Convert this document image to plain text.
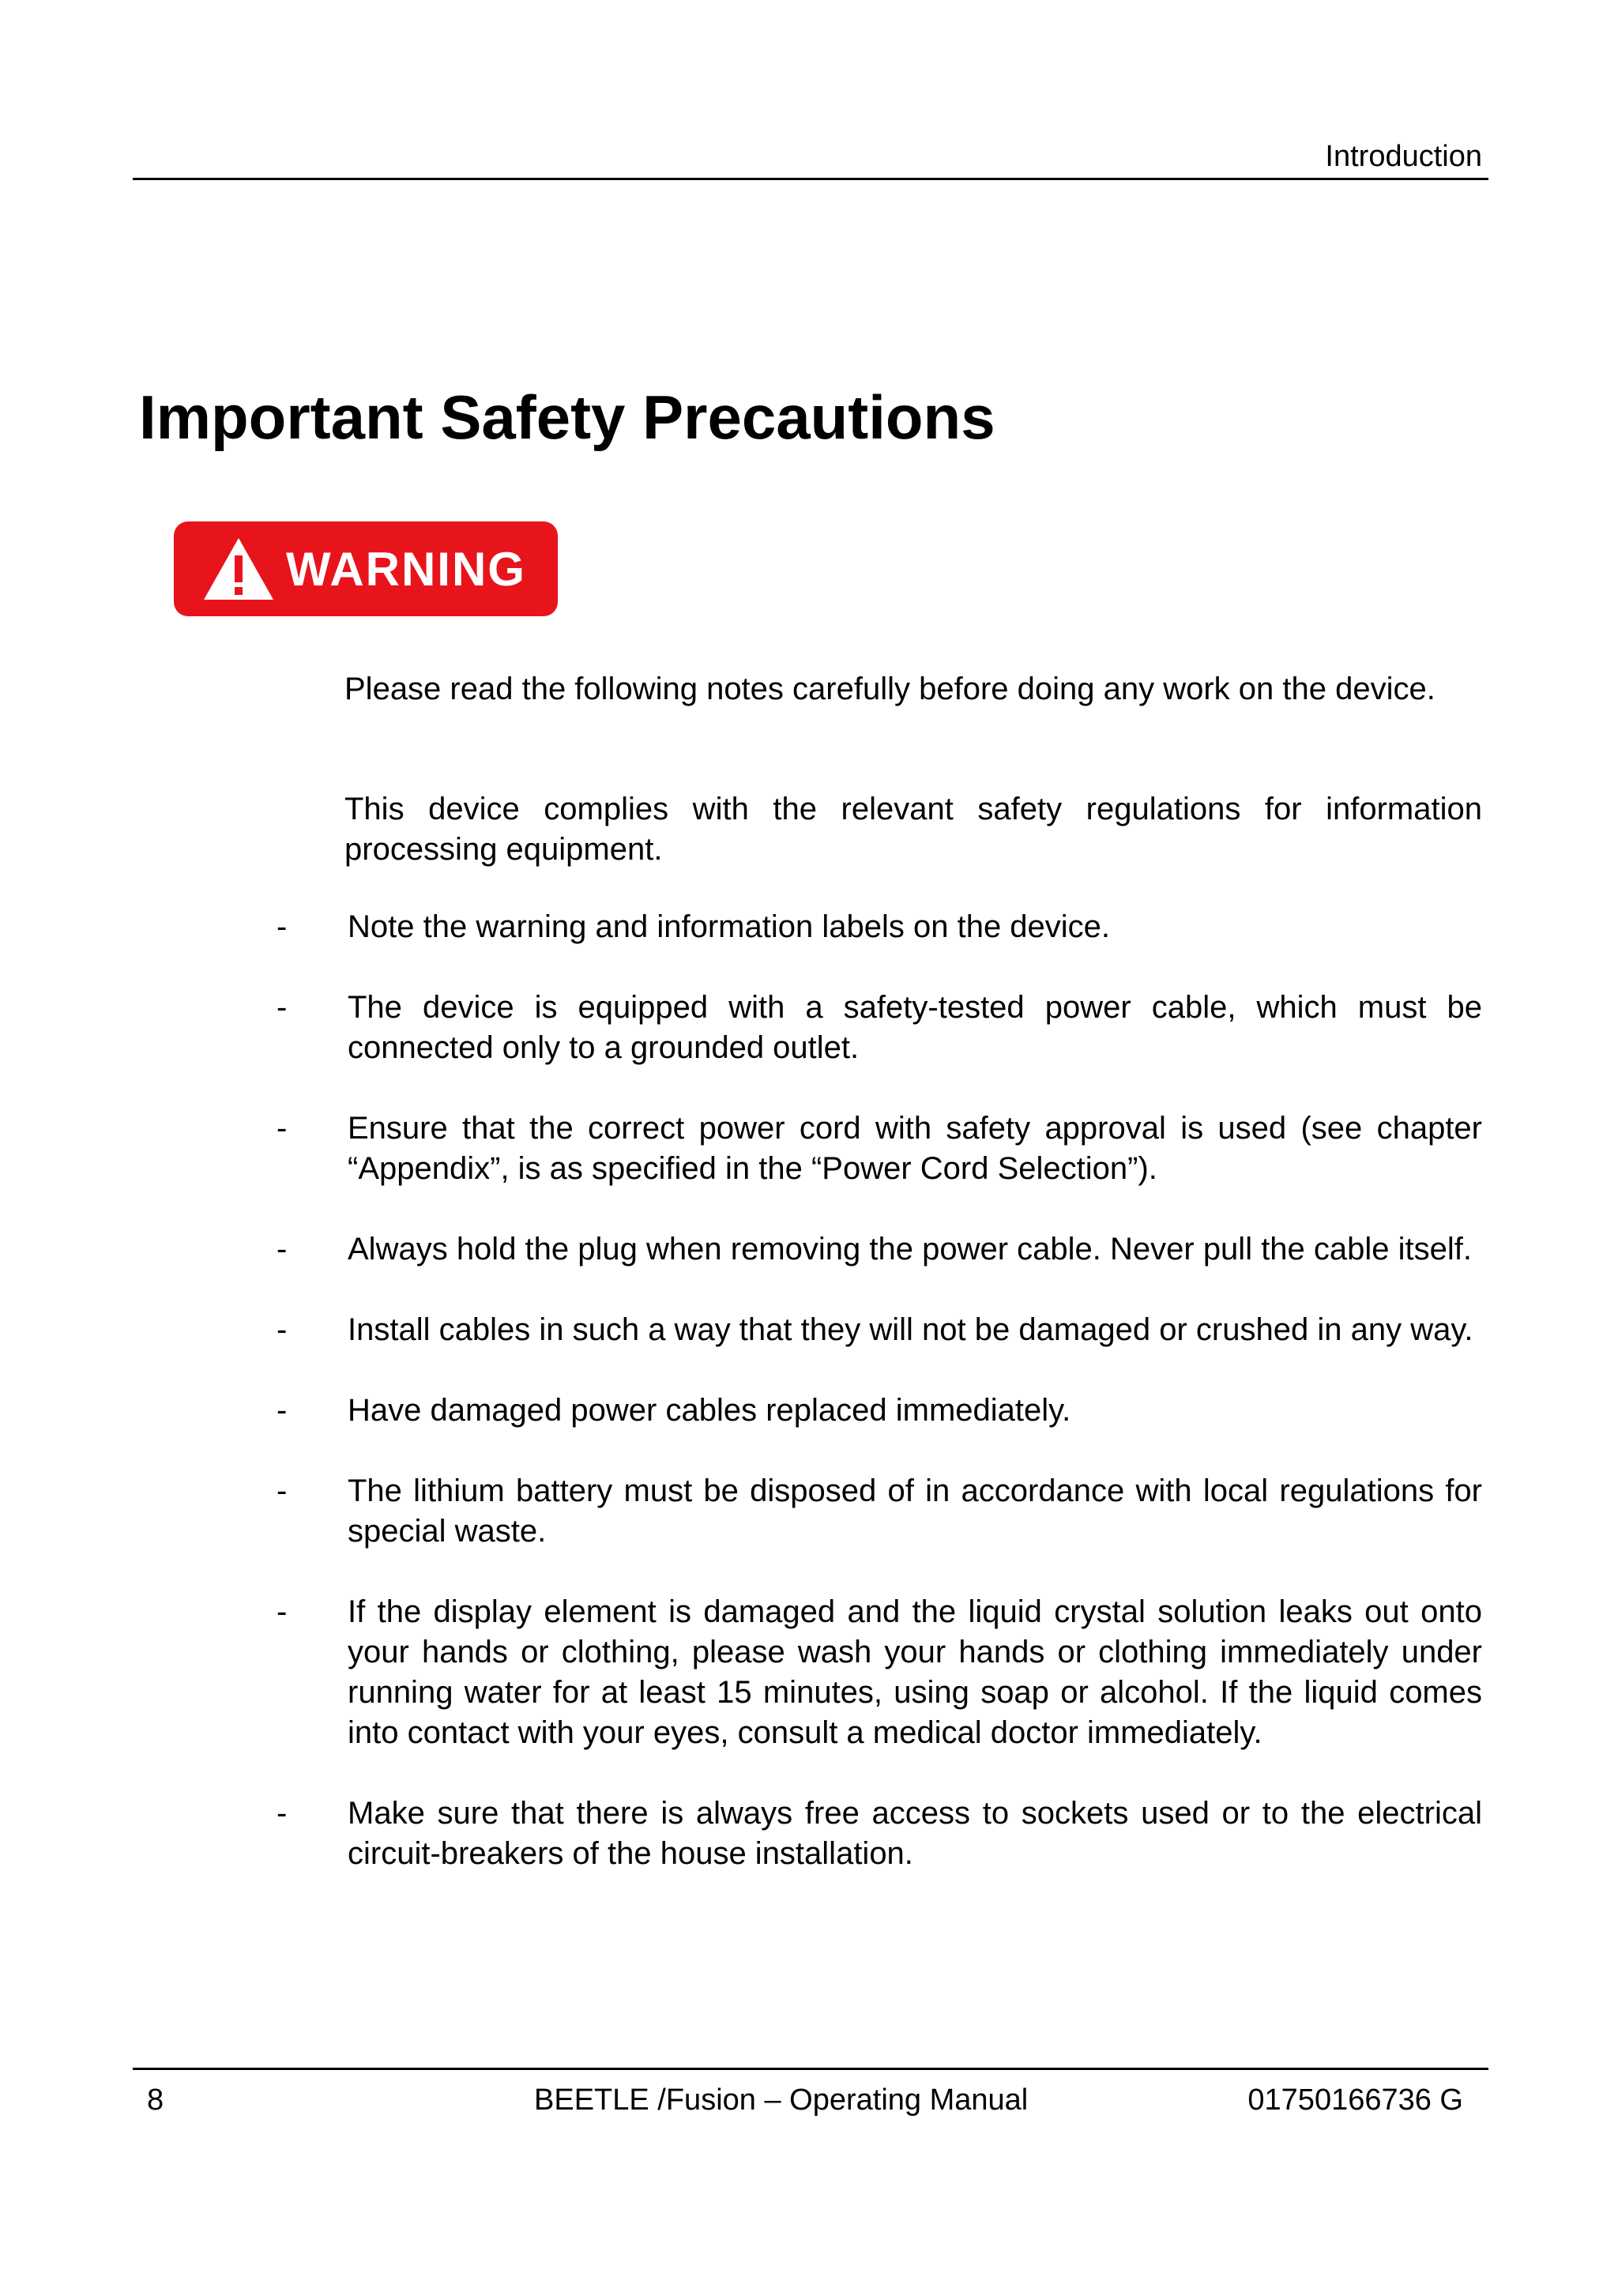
Introduction
Important Safety Precautions
WARNING

Please read the following notes carefully before doing any work on the device.

This device complies with the relevant safety regulations for information processing equipment.

-	Note the warning and information labels on the device.
-	The device is equipped with a safety-tested power cable, which must be connected only to a grounded outlet.
-	Ensure that the correct power cord with safety approval is used (see chapter “Appendix”, is as specified in the “Power Cord Selection”).
-	Always hold the plug when removing the power cable. Never pull the cable itself.
-	Install cables in such a way that they will not be damaged or crushed in any way.
-	Have damaged power cables replaced immediately.
-	The lithium battery must be disposed of in accordance with local regulations for special waste.
-	If the display element is damaged and the liquid crystal solution leaks out onto your hands or clothing, please wash your hands or clothing immediately under running water for at least 15 minutes, using soap or alcohol. If the liquid comes into contact with your eyes, consult a medical doctor immediately.
-	Make sure that there is always free access to sockets used or to the electrical circuit-breakers of the house installation.
8	BEETLE /Fusion – Operating Manual	01750166736 G
